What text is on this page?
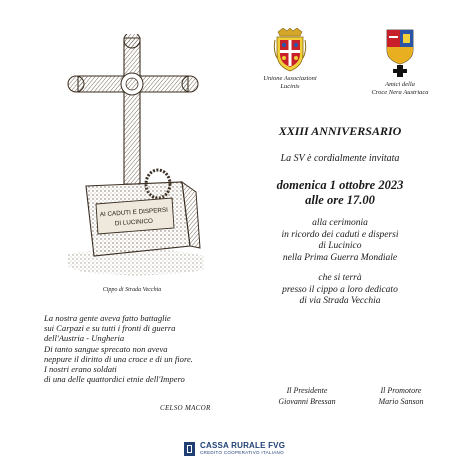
Unione Associazioni
Lucinis	Amici della
Croce Nera Austriaca
XXIII ANNIVERSARIO
La SV è cordialmente invitata
domenica 1 ottobre 2023
alle ore 17.00
alla cerimonia
in ricordo dei caduti e dispersi
di Lucinico
nella Prima Guerra Mondiale
che si terrà
presso il cippo a loro dedicato
di via Strada Vecchia
AI CADUTI E DISPERSI
DI LUCINICO
Cippo di Strada Vecchia
La nostra gente aveva fatto battaglie
sui Carpazi e su tutti i fronti di guerra
dell'Austria - Ungheria
Di tanto sangue sprecato non aveva
neppure il diritto di una croce e di un fiore.
I nostri erano soldati
di una delle quattordici etnie dell'Impero
CELSO MACOR
Il Presidente
Giovanni Bressan
Il Promotore
Mario Sanson
CASSA RURALE FVG
CREDITO COOPERATIVO ITALIANO
